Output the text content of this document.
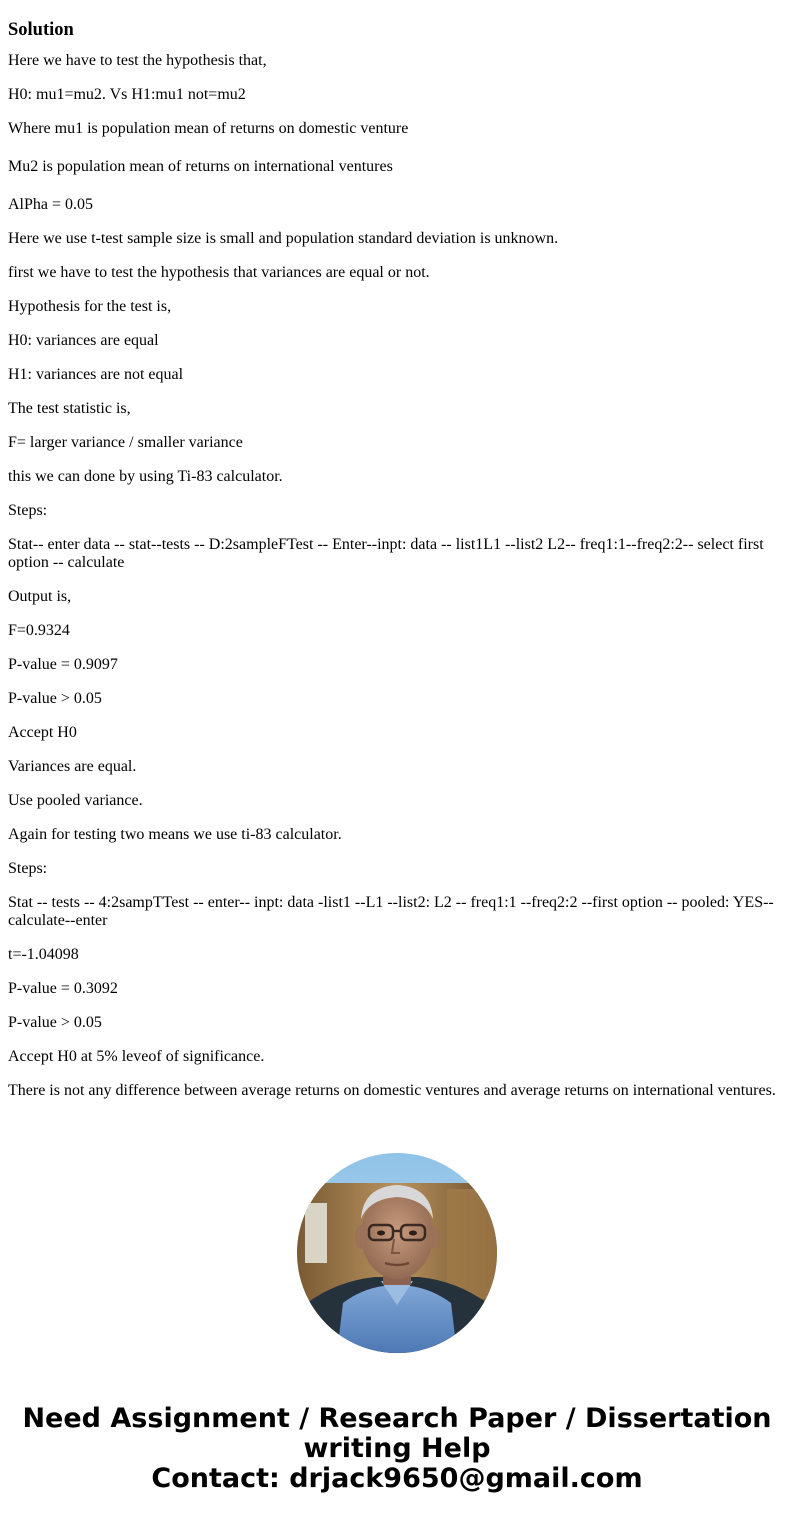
Solution

Here we have to test the hypothesis that,

H0: mu1=mu2. Vs H1:mu1 not=mu2

Where mu1 is population mean of returns on domestic venture

Mu2 is population mean of returns on international ventures

AlPha = 0.05

Here we use t-test sample size is small and population standard deviation is unknown.

first we have to test the hypothesis that variances are equal or not.

Hypothesis for the test is,

H0: variances are equal

H1: variances are not equal

The test statistic is,

F= larger variance / smaller variance

this we can done by using Ti-83 calculator.

Steps:

Stat-- enter data -- stat--tests -- D:2sampleFTest -- Enter--inpt: data -- list1L1 --list2 L2-- freq1:1--freq2:2-- select first option -- calculate

Output is,

F=0.9324

P-value = 0.9097

P-value > 0.05

Accept H0

Variances are equal.

Use pooled variance.

Again for testing two means we use ti-83 calculator.

Steps:

Stat -- tests -- 4:2sampTTest -- enter-- inpt: data -list1 --L1 --list2: L2 -- freq1:1 --freq2:2 --first option -- pooled: YES--calculate--enter

t=-1.04098

P-value = 0.3092

P-value > 0.05

Accept H0 at 5% leveof of significance.

There is not any difference between average returns on domestic ventures and average returns on international ventures.

Need Assignment / Research Paper / Dissertation
writing Help
Contact: drjack9650@gmail.com
